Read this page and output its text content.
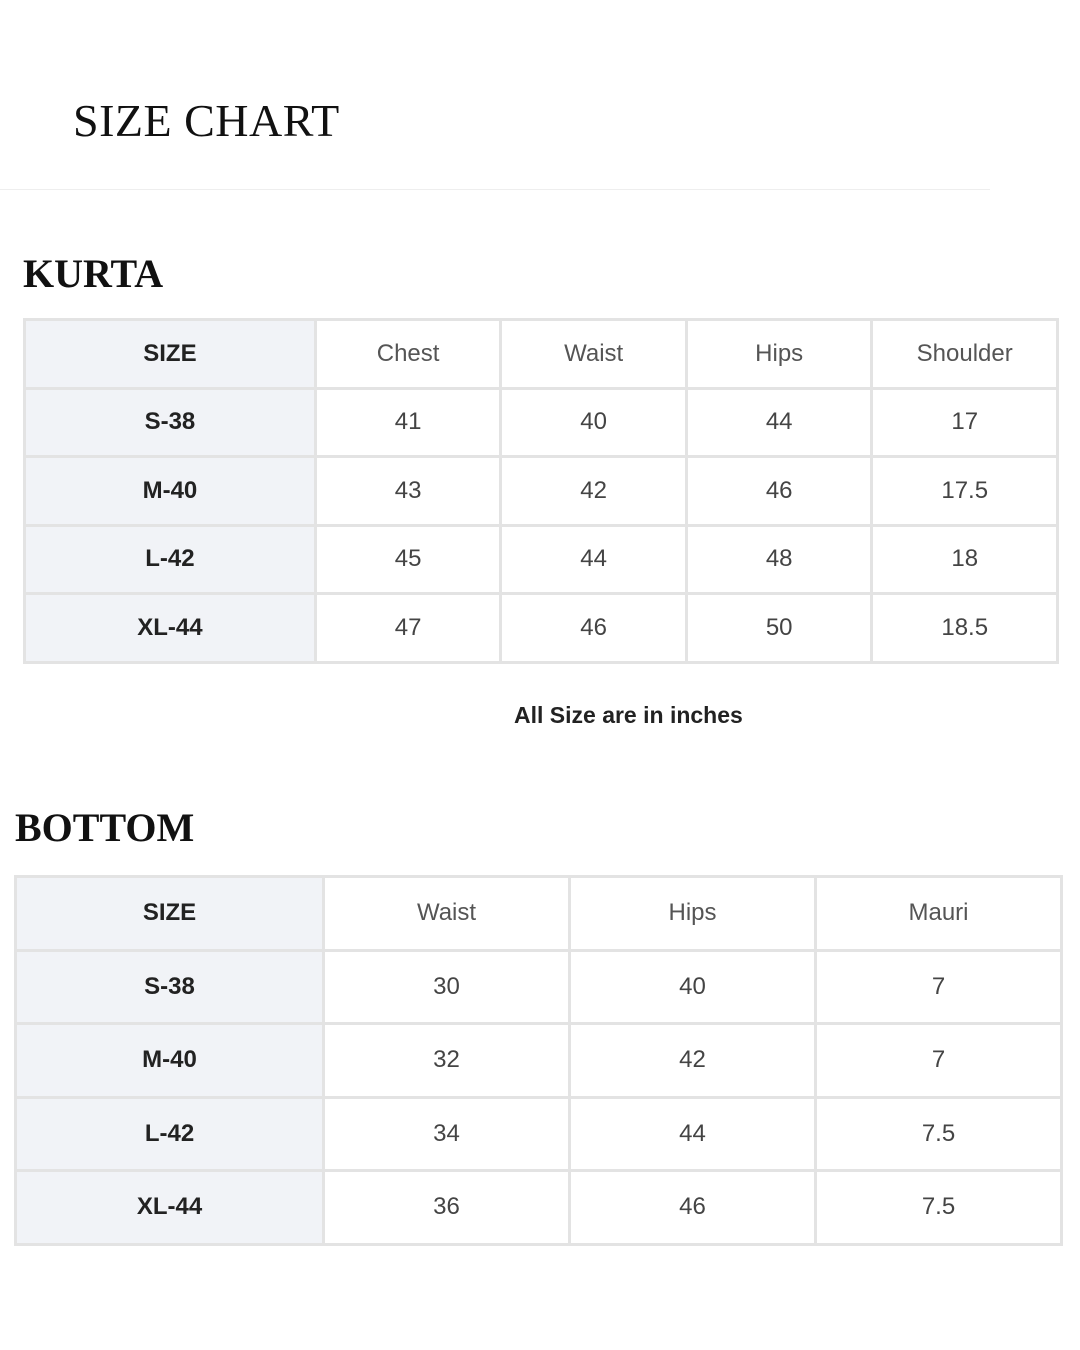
SIZE CHART
KURTA
SIZE	Chest	Waist	Hips	Shoulder
S-38	41	40	44	17
M-40	43	42	46	17.5
L-42	45	44	48	18
XL-44	47	46	50	18.5
All Size are in inches
BOTTOM
SIZE	Waist	Hips	Mauri
S-38	30	40	7
M-40	32	42	7
L-42	34	44	7.5
XL-44	36	46	7.5
